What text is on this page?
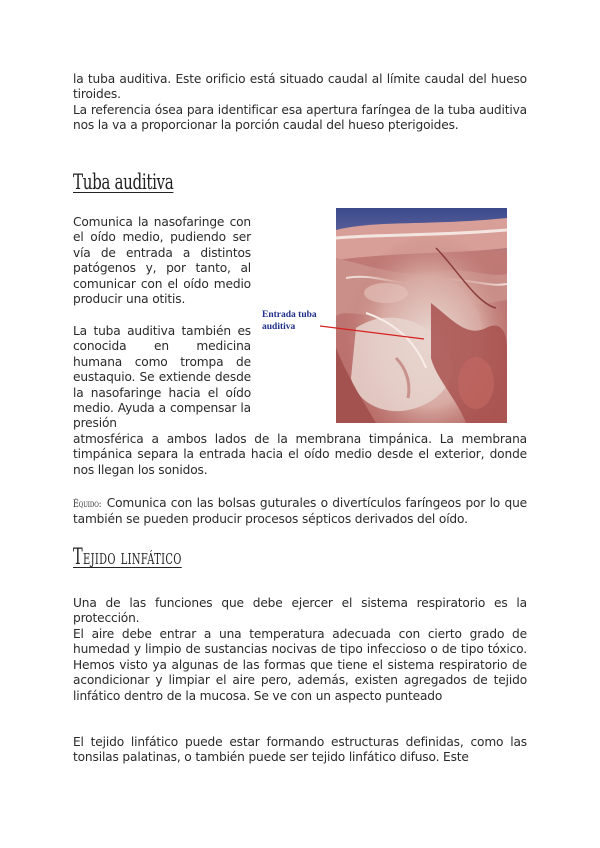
la tuba auditiva. Este orificio está situado caudal al límite caudal del hueso tiroides.

La referencia ósea para identificar esa apertura faríngea de la tuba auditiva nos la va a proporcionar la porción caudal del hueso pterigoides.

Tuba auditiva

Comunica la nasofaringe con el oído medio, pudiendo ser vía de entrada a distintos patógenos y, por tanto, al comunicar con el oído medio producir una otitis.

La tuba auditiva también es conocida en medicina humana como trompa de eustaquio. Se extiende desde la nasofaringe hacia el oído medio. Ayuda a compensar la presión

atmosférica a ambos lados de la membrana timpánica. La membrana timpánica separa la entrada hacia el oído medio desde el exterior, donde nos llegan los sonidos.

Équido: Comunica con las bolsas guturales o divertículos faríngeos por lo que también se pueden producir procesos sépticos derivados del oído.

Entrada tuba auditiva
Tejido linfático

Una de las funciones que debe ejercer el sistema respiratorio es la protección.

El aire debe entrar a una temperatura adecuada con cierto grado de humedad y limpio de sustancias nocivas de tipo infeccioso o de tipo tóxico. Hemos visto ya algunas de las formas que tiene el sistema respiratorio de acondicionar y limpiar el aire pero, además, existen agregados de tejido linfático dentro de la mucosa. Se ve con un aspecto punteado

El tejido linfático puede estar formando estructuras definidas, como las tonsilas palatinas, o también puede ser tejido linfático difuso. Este
